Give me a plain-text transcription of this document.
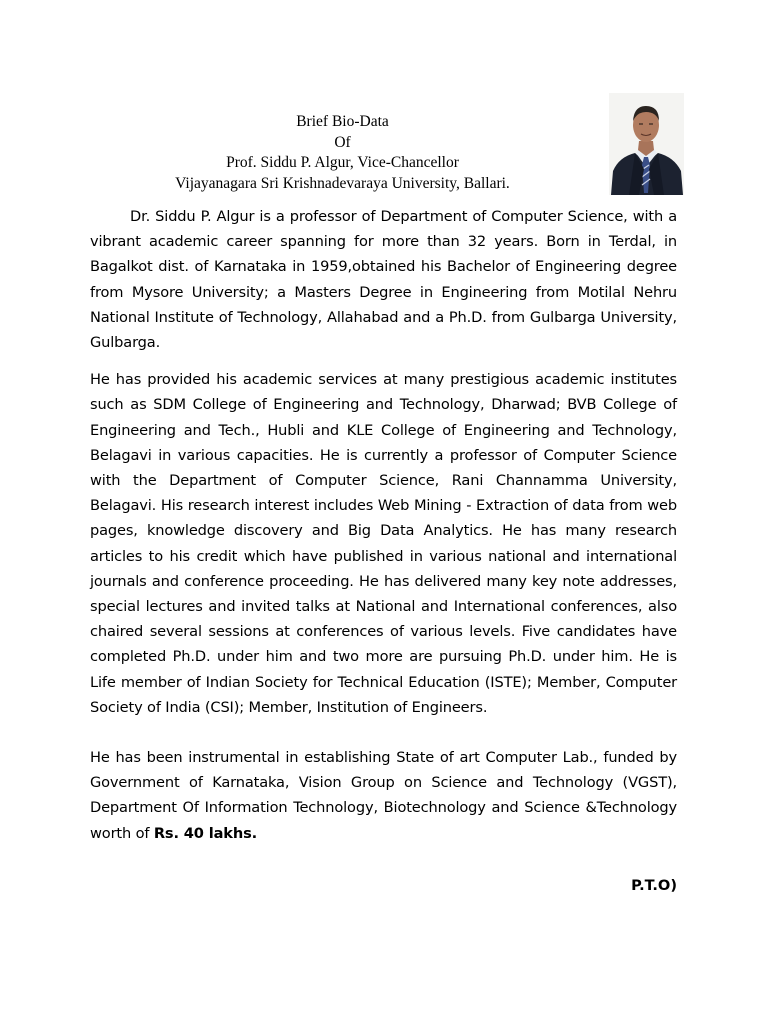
Brief Bio-Data
Of
Prof. Siddu P. Algur, Vice-Chancellor
Vijayanagara Sri Krishnadevaraya University, Ballari.

Dr. Siddu P. Algur is a professor of Department of Computer Science, with a vibrant academic career spanning for more than 32 years. Born in Terdal, in Bagalkot dist. of Karnataka in 1959,obtained his Bachelor of Engineering degree from Mysore University; a Masters Degree in Engineering from Motilal Nehru National Institute of Technology, Allahabad and a Ph.D. from Gulbarga University, Gulbarga.

He has provided his academic services at many prestigious academic institutes such as SDM College of Engineering and Technology, Dharwad; BVB College of Engineering and Tech., Hubli and KLE College of Engineering and Technology, Belagavi in various capacities. He is currently a professor of Computer Science with the Department of Computer Science, Rani Channamma University, Belagavi. His research interest includes Web Mining - Extraction of data from web pages, knowledge discovery and Big Data Analytics. He has many research articles to his credit which have published in various national and international journals and conference proceeding. He has delivered many key note addresses, special lectures and invited talks at National and International conferences, also chaired several sessions at conferences of various levels. Five candidates have completed Ph.D. under him and two more are pursuing Ph.D. under him. He is Life member of Indian Society for Technical Education (ISTE); Member, Computer Society of India (CSI); Member, Institution of Engineers.

He has been instrumental in establishing State of art Computer Lab., funded by Government of Karnataka, Vision Group on Science and Technology (VGST), Department Of Information Technology, Biotechnology and Science &Technology worth of Rs. 40 lakhs.

P.T.O)
